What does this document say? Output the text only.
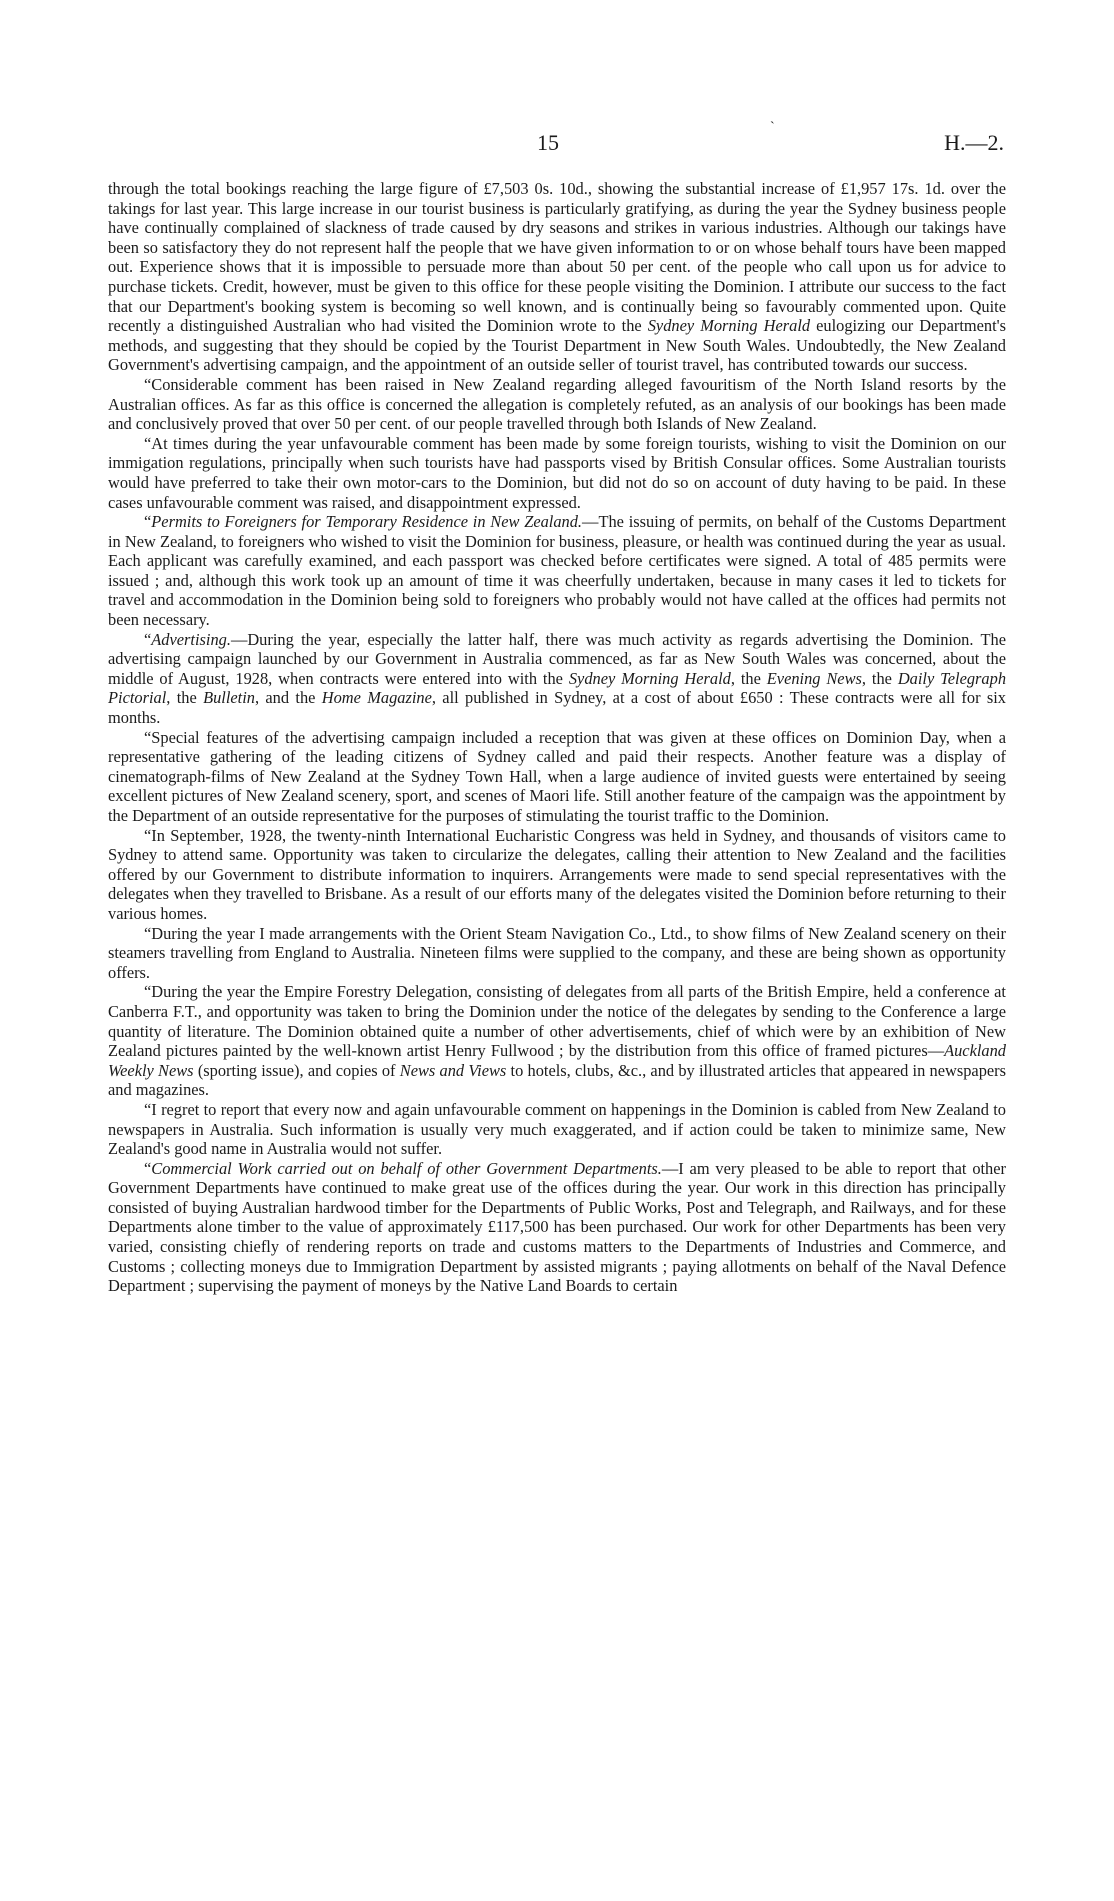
`
15	H.—2.

through the total bookings reaching the large figure of £7,503 0s. 10d., showing the substantial increase of £1,957 17s. 1d. over the takings for last year. This large increase in our tourist business is particularly gratifying, as during the year the Sydney business people have continually complained of slackness of trade caused by dry seasons and strikes in various industries. Although our takings have been so satisfactory they do not represent half the people that we have given information to or on whose behalf tours have been mapped out. Experience shows that it is impossible to persuade more than about 50 per cent. of the people who call upon us for advice to purchase tickets. Credit, however, must be given to this office for these people visiting the Dominion. I attribute our success to the fact that our Department's booking system is becoming so well known, and is continually being so favourably commented upon. Quite recently a distinguished Australian who had visited the Dominion wrote to the Sydney Morning Herald eulogizing our Department's methods, and suggesting that they should be copied by the Tourist Department in New South Wales. Undoubtedly, the New Zealand Government's advertising campaign, and the appointment of an outside seller of tourist travel, has contributed towards our success.

“Considerable comment has been raised in New Zealand regarding alleged favouritism of the North Island resorts by the Australian offices. As far as this office is concerned the allegation is completely refuted, as an analysis of our bookings has been made and conclusively proved that over 50 per cent. of our people travelled through both Islands of New Zealand.

“At times during the year unfavourable comment has been made by some foreign tourists, wishing to visit the Dominion on our immigation regulations, principally when such tourists have had passports vised by British Consular offices. Some Australian tourists would have preferred to take their own motor-cars to the Dominion, but did not do so on account of duty having to be paid. In these cases unfavourable comment was raised, and disappointment expressed.

“Permits to Foreigners for Temporary Residence in New Zealand.—The issuing of permits, on behalf of the Customs Department in New Zealand, to foreigners who wished to visit the Dominion for business, pleasure, or health was continued during the year as usual. Each applicant was carefully examined, and each passport was checked before certificates were signed. A total of 485 permits were issued ; and, although this work took up an amount of time it was cheerfully undertaken, because in many cases it led to tickets for travel and accommodation in the Dominion being sold to foreigners who probably would not have called at the offices had permits not been necessary.

“Advertising.—During the year, especially the latter half, there was much activity as regards advertising the Dominion. The advertising campaign launched by our Government in Australia commenced, as far as New South Wales was concerned, about the middle of August, 1928, when contracts were entered into with the Sydney Morning Herald, the Evening News, the Daily Telegraph Pictorial, the Bulletin, and the Home Magazine, all published in Sydney, at a cost of about £650 : These contracts were all for six months.

“Special features of the advertising campaign included a reception that was given at these offices on Dominion Day, when a representative gathering of the leading citizens of Sydney called and paid their respects. Another feature was a display of cinematograph-films of New Zealand at the Sydney Town Hall, when a large audience of invited guests were entertained by seeing excellent pictures of New Zealand scenery, sport, and scenes of Maori life. Still another feature of the campaign was the appointment by the Department of an outside representative for the purposes of stimulating the tourist traffic to the Dominion.

“In September, 1928, the twenty-ninth International Eucharistic Congress was held in Sydney, and thousands of visitors came to Sydney to attend same. Opportunity was taken to circularize the delegates, calling their attention to New Zealand and the facilities offered by our Government to distribute information to inquirers. Arrangements were made to send special representatives with the delegates when they travelled to Brisbane. As a result of our efforts many of the delegates visited the Dominion before returning to their various homes.

“During the year I made arrangements with the Orient Steam Navigation Co., Ltd., to show films of New Zealand scenery on their steamers travelling from England to Australia. Nineteen films were supplied to the company, and these are being shown as opportunity offers.

“During the year the Empire Forestry Delegation, consisting of delegates from all parts of the British Empire, held a conference at Canberra F.T., and opportunity was taken to bring the Dominion under the notice of the delegates by sending to the Conference a large quantity of literature. The Dominion obtained quite a number of other advertisements, chief of which were by an exhibition of New Zealand pictures painted by the well-known artist Henry Fullwood ; by the distribution from this office of framed pictures—Auckland Weekly News (sporting issue), and copies of News and Views to hotels, clubs, &c., and by illustrated articles that appeared in newspapers and magazines.

“I regret to report that every now and again unfavourable comment on happenings in the Dominion is cabled from New Zealand to newspapers in Australia. Such information is usually very much exaggerated, and if action could be taken to minimize same, New Zealand's good name in Australia would not suffer.

“Commercial Work carried out on behalf of other Government Departments.—I am very pleased to be able to report that other Government Departments have continued to make great use of the offices during the year. Our work in this direction has principally consisted of buying Australian hardwood timber for the Departments of Public Works, Post and Telegraph, and Railways, and for these Departments alone timber to the value of approximately £117,500 has been purchased. Our work for other Departments has been very varied, consisting chiefly of rendering reports on trade and customs matters to the Departments of Industries and Commerce, and Customs ; collecting moneys due to Immigration Department by assisted migrants ; paying allotments on behalf of the Naval Defence Department ; supervising the payment of moneys by the Native Land Boards to certain
